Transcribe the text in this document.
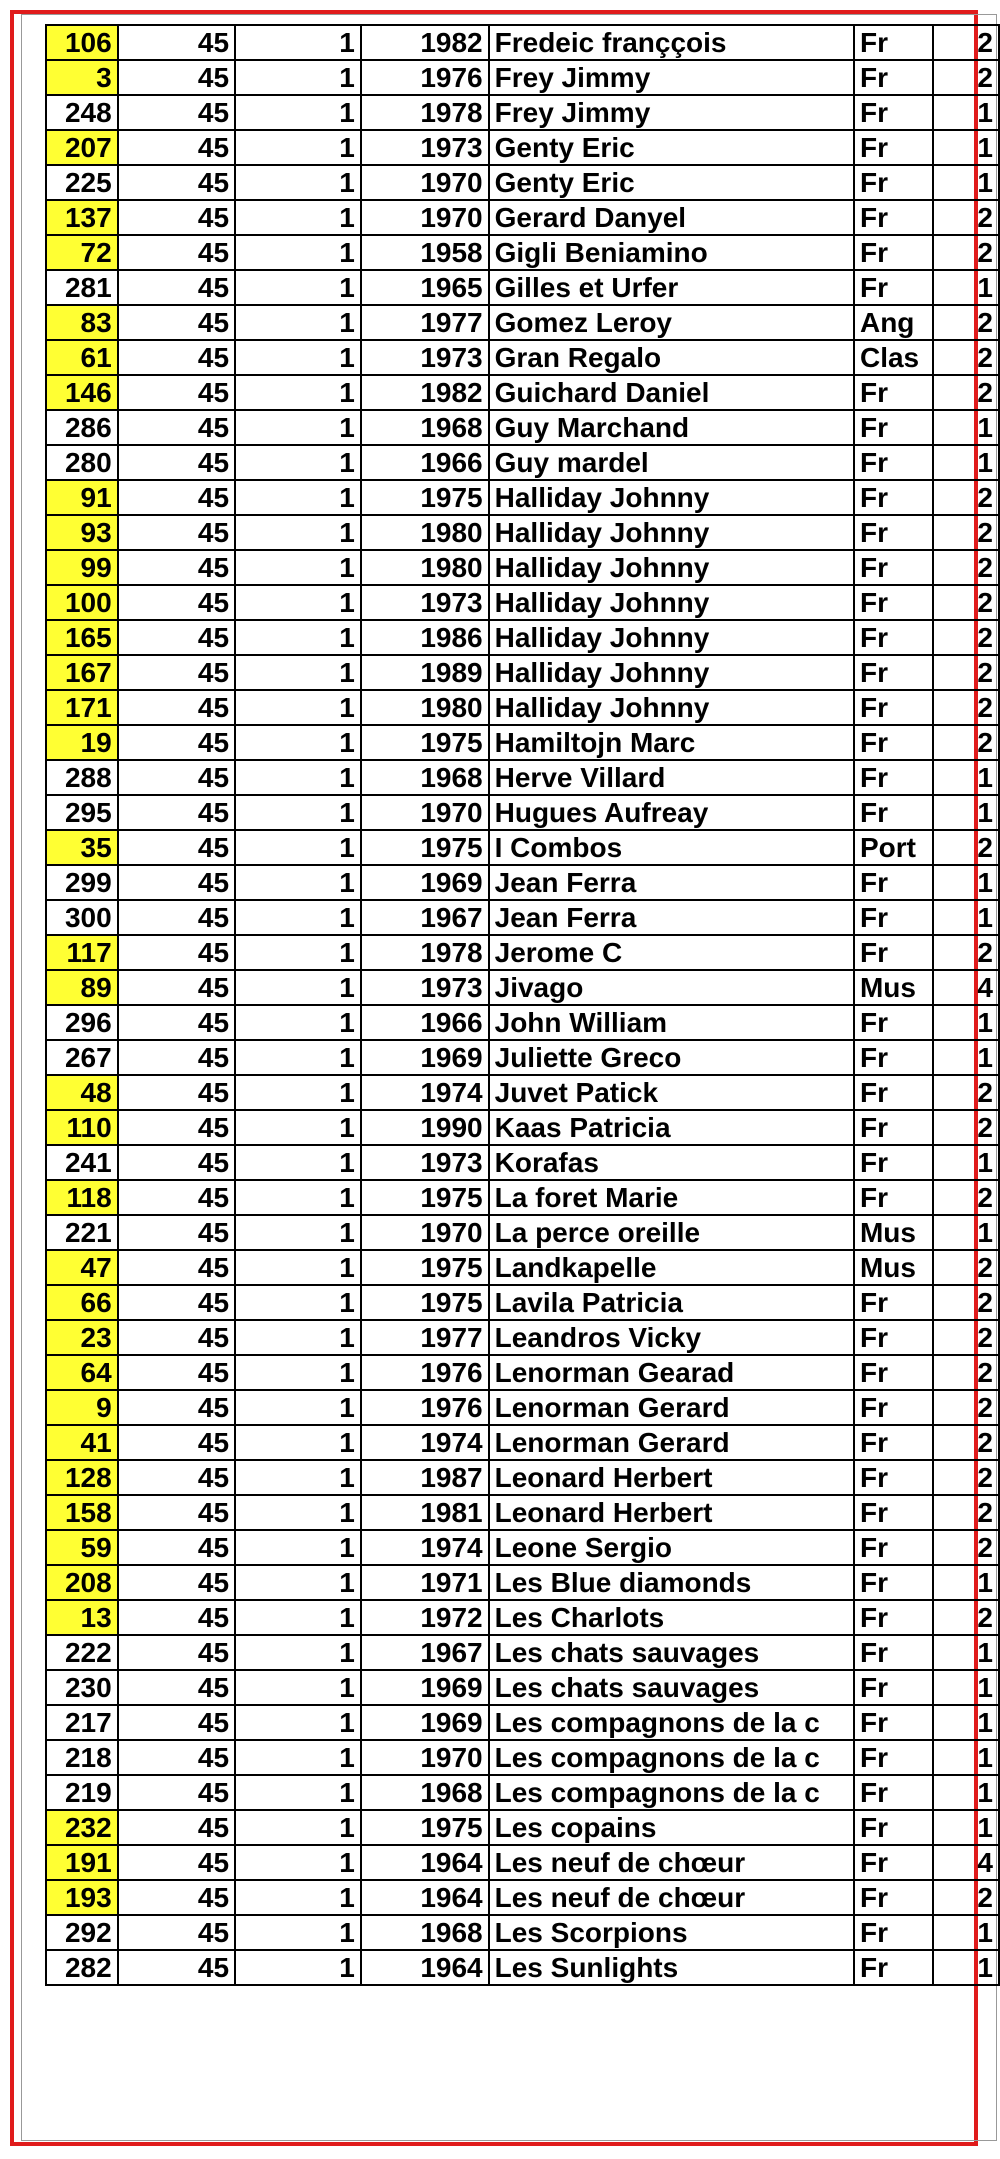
106	45	1	1982	Fredeic franççois	Fr	2
3	45	1	1976	Frey Jimmy	Fr	2
248	45	1	1978	Frey Jimmy	Fr	1
207	45	1	1973	Genty Eric	Fr	1
225	45	1	1970	Genty Eric	Fr	1
137	45	1	1970	Gerard Danyel	Fr	2
72	45	1	1958	Gigli Beniamino	Fr	2
281	45	1	1965	Gilles et Urfer	Fr	1
83	45	1	1977	Gomez Leroy	Ang	2
61	45	1	1973	Gran Regalo	Clas	2
146	45	1	1982	Guichard Daniel	Fr	2
286	45	1	1968	Guy Marchand	Fr	1
280	45	1	1966	Guy mardel	Fr	1
91	45	1	1975	Halliday Johnny	Fr	2
93	45	1	1980	Halliday Johnny	Fr	2
99	45	1	1980	Halliday Johnny	Fr	2
100	45	1	1973	Halliday Johnny	Fr	2
165	45	1	1986	Halliday Johnny	Fr	2
167	45	1	1989	Halliday Johnny	Fr	2
171	45	1	1980	Halliday Johnny	Fr	2
19	45	1	1975	Hamiltojn Marc	Fr	2
288	45	1	1968	Herve Villard	Fr	1
295	45	1	1970	Hugues Aufreay	Fr	1
35	45	1	1975	I Combos	Port	2
299	45	1	1969	Jean Ferra	Fr	1
300	45	1	1967	Jean Ferra	Fr	1
117	45	1	1978	Jerome C	Fr	2
89	45	1	1973	Jivago	Mus	4
296	45	1	1966	John William	Fr	1
267	45	1	1969	Juliette Greco	Fr	1
48	45	1	1974	Juvet Patick	Fr	2
110	45	1	1990	Kaas Patricia	Fr	2
241	45	1	1973	Korafas	Fr	1
118	45	1	1975	La foret Marie	Fr	2
221	45	1	1970	La perce oreille	Mus	1
47	45	1	1975	Landkapelle	Mus	2
66	45	1	1975	Lavila Patricia	Fr	2
23	45	1	1977	Leandros Vicky	Fr	2
64	45	1	1976	Lenorman Gearad	Fr	2
9	45	1	1976	Lenorman Gerard	Fr	2
41	45	1	1974	Lenorman Gerard	Fr	2
128	45	1	1987	Leonard Herbert	Fr	2
158	45	1	1981	Leonard Herbert	Fr	2
59	45	1	1974	Leone Sergio	Fr	2
208	45	1	1971	Les Blue diamonds	Fr	1
13	45	1	1972	Les Charlots	Fr	2
222	45	1	1967	Les chats sauvages	Fr	1
230	45	1	1969	Les chats sauvages	Fr	1
217	45	1	1969	Les compagnons de la c	Fr	1
218	45	1	1970	Les compagnons de la c	Fr	1
219	45	1	1968	Les compagnons de la c	Fr	1
232	45	1	1975	Les copains	Fr	1
191	45	1	1964	Les neuf de chœur	Fr	4
193	45	1	1964	Les neuf de chœur	Fr	2
292	45	1	1968	Les Scorpions	Fr	1
282	45	1	1964	Les Sunlights	Fr	1
